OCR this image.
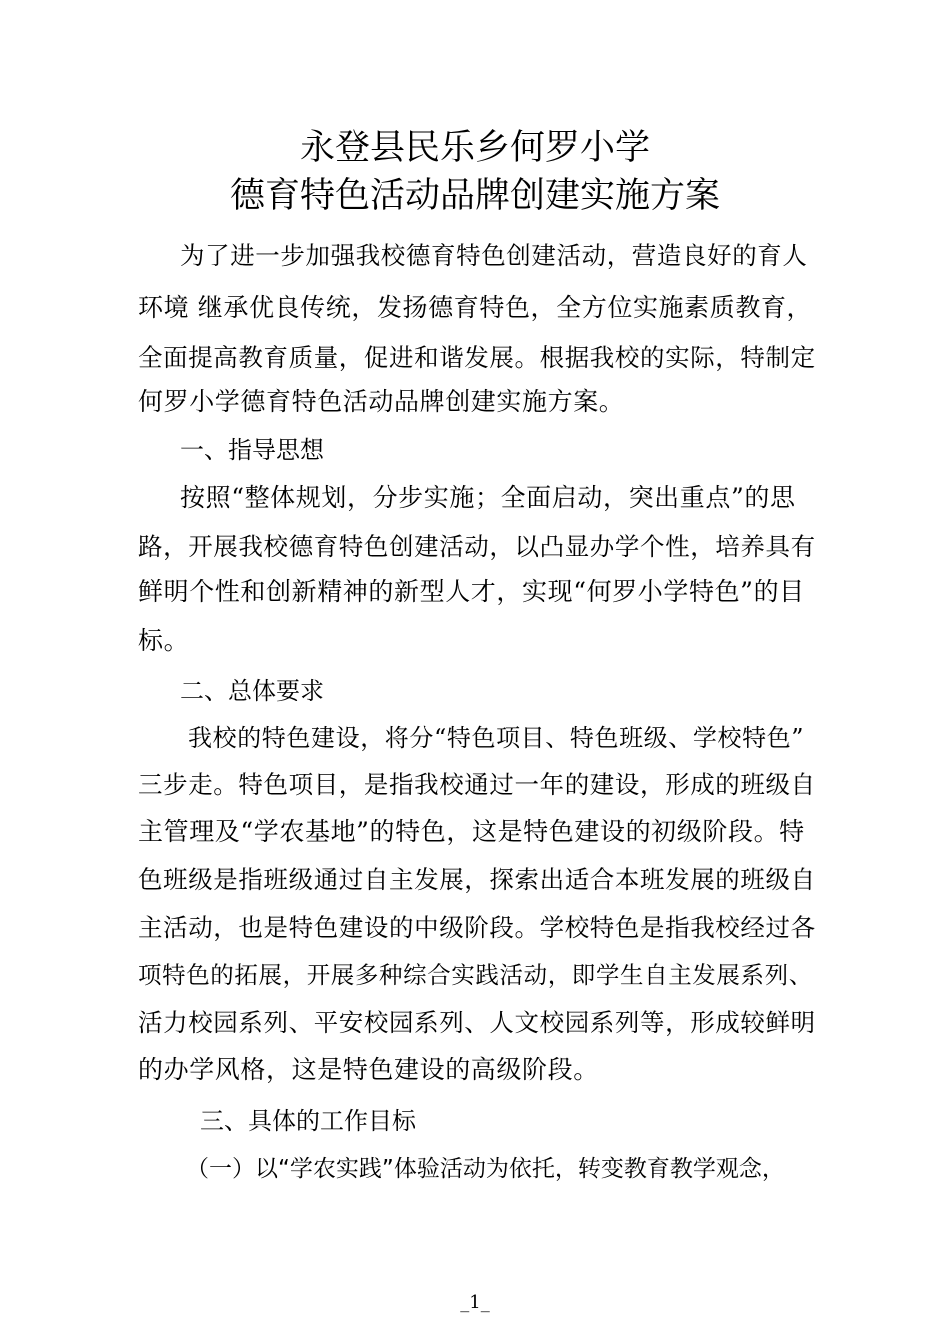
永登县民乐乡何罗小学
德育特色活动品牌创建实施方案
为了进一步加强我校德育特色创建活动，营造良好的育人
环境 继承优良传统，发扬德育特色，全方位实施素质教育，
全面提高教育质量，促进和谐发展。根据我校的实际，特制定
何罗小学德育特色活动品牌创建实施方案。
一、指导思想
按照“整体规划，分步实施；全面启动，突出重点”的思
路，开展我校德育特色创建活动，以凸显办学个性，培养具有
鲜明个性和创新精神的新型人才，实现“何罗小学特色”的目
标。
二、总体要求
我校的特色建设，将分“特色项目、特色班级、学校特色”
三步走。特色项目，是指我校通过一年的建设，形成的班级自
主管理及“学农基地”的特色，这是特色建设的初级阶段。特
色班级是指班级通过自主发展，探索出适合本班发展的班级自
主活动，也是特色建设的中级阶段。学校特色是指我校经过各
项特色的拓展，开展多种综合实践活动，即学生自主发展系列、
活力校园系列、平安校园系列、人文校园系列等，形成较鲜明
的办学风格，这是特色建设的高级阶段。
三、具体的工作目标
（一）以“学农实践”体验活动为依托，转变教育教学观念，
_1_
